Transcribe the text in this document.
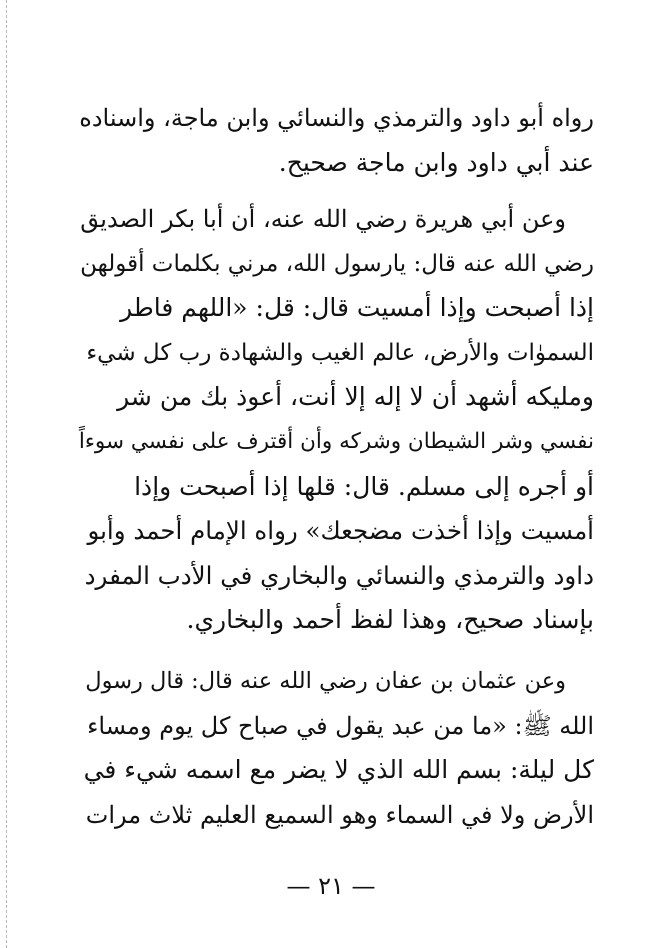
رواه أبو داود والترمذي والنسائي وابن ماجة، واسناده
عند أبي داود وابن ماجة صحيح.
وعن أبي هريرة رضي الله عنه، أن أبا بكر الصديق
رضي الله عنه قال: يارسول الله، مرني بكلمات أقولهن
إذا أصبحت وإذا أمسيت قال: قل: «اللهم فاطر
السموٰات والأرض، عالم الغيب والشهادة رب كل شيء
ومليكه أشهد أن لا إله إلا أنت، أعوذ بك من شر
نفسي وشر الشيطان وشركه وأن أقترف على نفسي سوءاً
أو أجره إلى مسلم. قال: قلها إذا أصبحت وإذا
أمسيت وإذا أخذت مضجعك» رواه الإمام أحمد وأبو
داود والترمذي والنسائي والبخاري في الأدب المفرد
بإسناد صحيح، وهذا لفظ أحمد والبخاري.
وعن عثمان بن عفان رضي الله عنه قال: قال رسول
الله ﷺ: «ما من عبد يقول في صباح كل يوم ومساء
كل ليلة: بسم الله الذي لا يضر مع اسمه شيء في
الأرض ولا في السماء وهو السميع العليم ثلاث مرات
— ٢١ —
